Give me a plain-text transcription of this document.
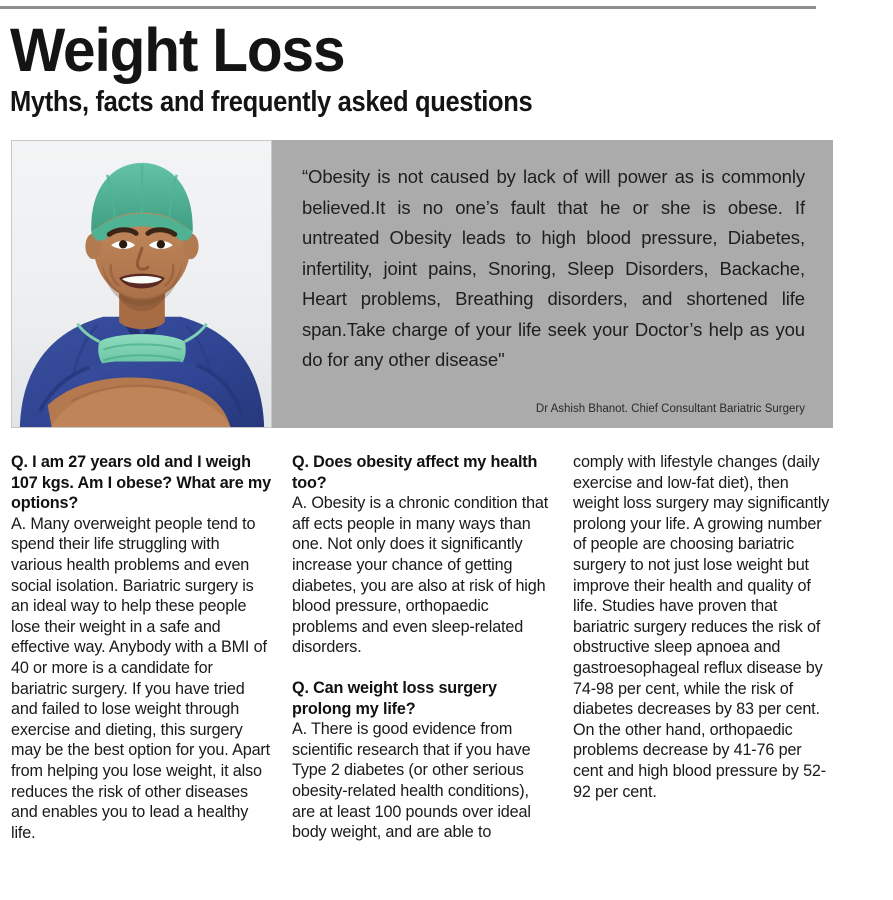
Weight Loss
Myths, facts and frequently asked questions

“Obesity is not caused by lack of will power as is commonly believed.It is no one’s fault that he or she is obese. If untreated Obesity leads to high blood pressure, Diabetes, infertility, joint pains, Snoring, Sleep Disorders, Backache, Heart problems, Breathing disorders, and shortened life span.Take charge of your life seek your Doctor’s help as you do for any other disease"

Dr Ashish Bhanot. Chief Consultant Bariatric Surgery

Q. I am 27 years old and I weigh 107 kgs. Am I obese? What are my options?

A. Many overweight people tend to spend their life struggling with various health problems and even social isolation. Bariatric surgery is an ideal way to help these people lose their weight in a safe and effective way. Anybody with a BMI of 40 or more is a candidate for bariatric surgery. If you have tried and failed to lose weight through exercise and dieting, this surgery may be the best option for you. Apart from helping you lose weight, it also reduces the risk of other diseases and enables you to lead a healthy life.

Q. Does obesity affect my health too?

A. Obesity is a chronic condition that aff ects people in many ways than one. Not only does it significantly increase your chance of getting diabetes, you are also at risk of high blood pressure, orthopaedic problems and even sleep-related disorders.

Q. Can weight loss surgery prolong my life?

A. There is good evidence from scientific research that if you have Type 2 diabetes (or other serious obesity-related health conditions), are at least 100 pounds over ideal body weight, and are able to

comply with lifestyle changes (daily exercise and low-fat diet), then weight loss surgery may significantly prolong your life. A growing number of people are choosing bariatric surgery to not just lose weight but improve their health and quality of life. Studies have proven that bariatric surgery reduces the risk of obstructive sleep apnoea and gastroesophageal reflux disease by 74-98 per cent, while the risk of diabetes decreases by 83 per cent. On the other hand, orthopaedic problems decrease by 41-76 per cent and high blood pressure by 52-92 per cent.
